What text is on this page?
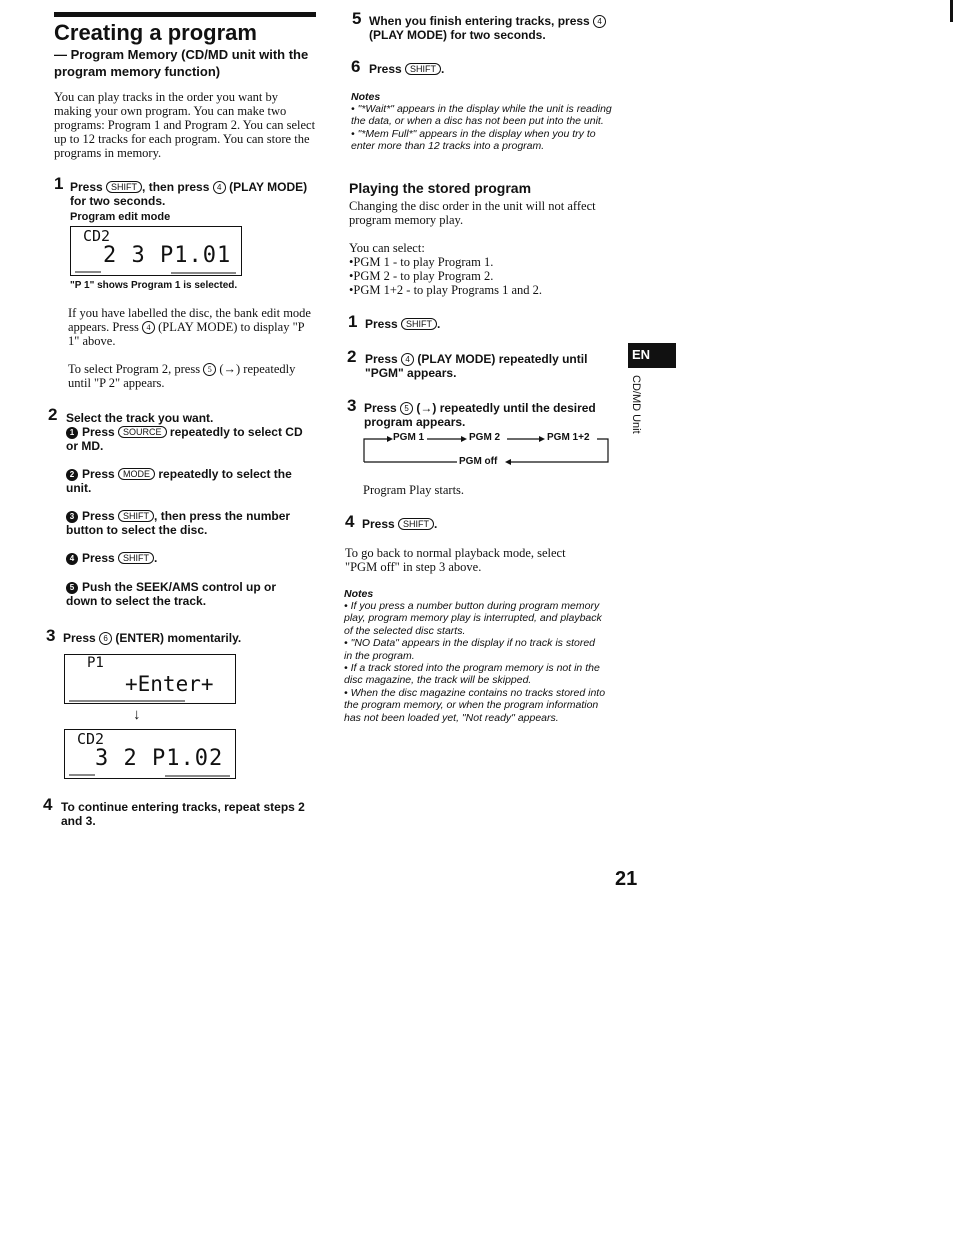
Creating a program
— Program Memory (CD/MD unit with the program memory function)
You can play tracks in the order you want by making your own program. You can make two programs: Program 1 and Program 2. You can select up to 12 tracks for each program. You can store the programs in memory.
1 Press SHIFT , then press 4 (PLAY MODE) for two seconds.
Program edit mode
CD2
2 3 P1.01
"P 1" shows Program 1 is selected.
If you have labelled the disc, the bank edit mode appears. Press 4 (PLAY MODE) to display "P 1" above.
To select Program 2, press 5 (→) repeatedly until "P 2" appears.
2 Select the track you want.
1 Press SOURCE repeatedly to select CD or MD.
2 Press MODE repeatedly to select the unit.
3 Press SHIFT , then press the number button to select the disc.
4 Press SHIFT .
5 Push the SEEK/AMS control up or down to select the track.
3 Press 6 (ENTER) momentarily.
P1
+Enter+
↓
CD2
3 2 P1.02
4 To continue entering tracks, repeat steps 2 and 3.
5 When you finish entering tracks, press 4 (PLAY MODE) for two seconds.
6 Press SHIFT .
Notes
• "*Wait*" appears in the display while the unit is reading the data, or when a disc has not been put into the unit.
• "*Mem Full*" appears in the display when you try to enter more than 12 tracks into a program.
Playing the stored program
Changing the disc order in the unit will not affect program memory play.
You can select:
•PGM 1 - to play Program 1.
•PGM 2 - to play Program 2.
•PGM 1+2 - to play Programs 1 and 2.
1 Press SHIFT .
2 Press 4 (PLAY MODE) repeatedly until "PGM" appears.
3 Press 5 (→) repeatedly until the desired program appears.
PGM 1	PGM 2	PGM 1+2
PGM off
Program Play starts.
4 Press SHIFT .
To go back to normal playback mode, select "PGM off" in step 3 above.
Notes
• If you press a number button during program memory play, program memory play is interrupted, and playback of the selected disc starts.
• "NO Data" appears in the display if no track is stored in the program.
• If a track stored into the program memory is not in the disc magazine, the track will be skipped.
• When the disc magazine contains no tracks stored into the program memory, or when the program information has not been loaded yet, "Not ready" appears.
EN
CD/MD Unit
21
